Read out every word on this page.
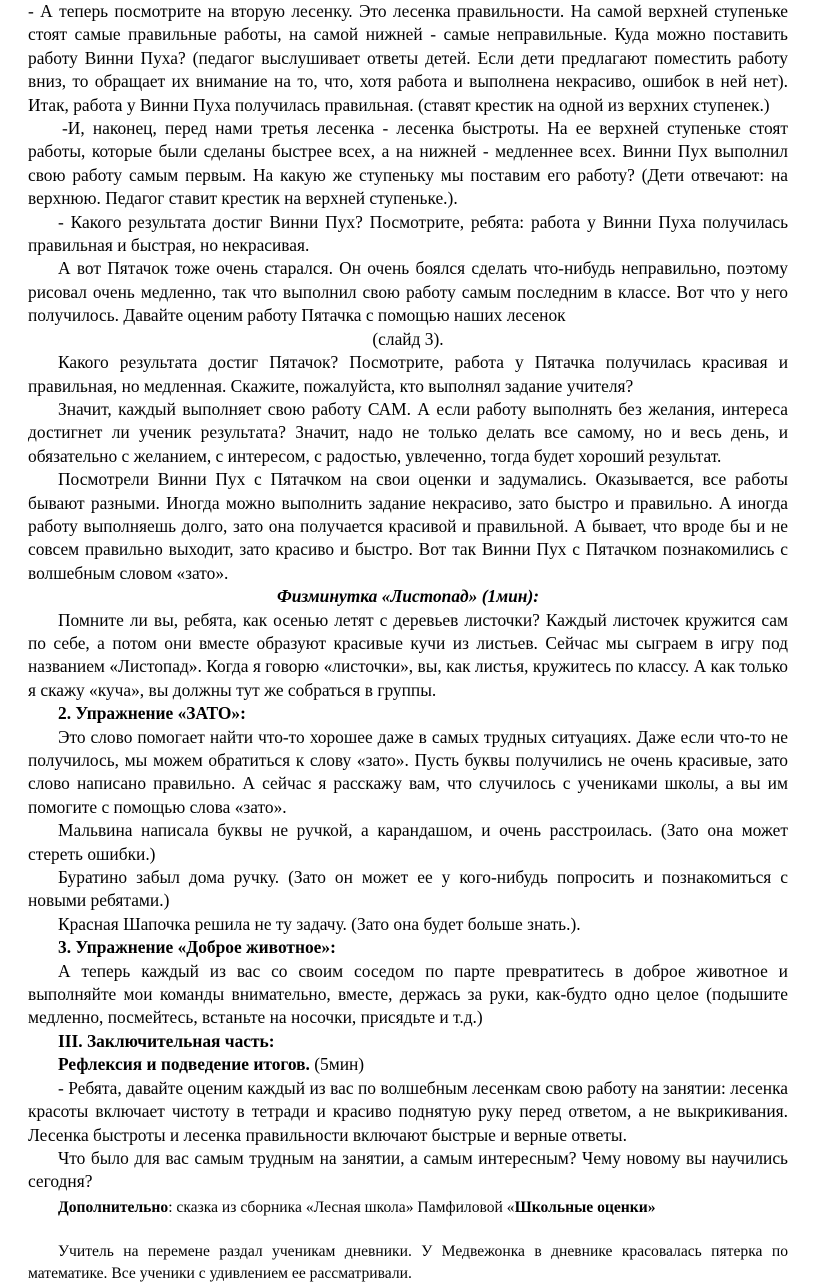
- А теперь посмотрите на вторую лесенку. Это лесенка правильности. На самой верхней ступеньке стоят самые правильные работы, на самой нижней - самые неправильные. Куда можно поставить работу Винни Пуха? (педагог выслушивает ответы детей. Если дети предлагают поместить работу вниз, то обращает их внимание на то, что, хотя работа и выполнена некрасиво, ошибок в ней нет). Итак, работа у Винни Пуха получилась правильная. (ставят крестик на одной из верхних ступенек.)

-И, наконец, перед нами третья лесенка - лесенка быстроты. На ее верхней ступеньке стоят работы, которые были сделаны быстрее всех, а на нижней - медленнее всех. Винни Пух выполнил свою работу самым первым. На какую же ступеньку мы поставим его работу? (Дети отвечают: на верхнюю. Педагог ставит крестик на верхней ступеньке.).

- Какого результата достиг Винни Пух? Посмотрите, ребята: работа у Винни Пуха получилась правильная и быстрая, но некрасивая.

А вот Пятачок тоже очень старался. Он очень боялся сделать что-нибудь неправильно, поэтому рисовал очень медленно, так что выполнил свою работу самым последним в классе. Вот что у него получилось. Давайте оценим работу Пятачка с помощью наших лесенок

(слайд 3).

Какого результата достиг Пятачок? Посмотрите, работа у Пятачка получилась красивая и правильная, но медленная. Скажите, пожалуйста, кто выполнял задание учителя?

Значит, каждый выполняет свою работу САМ. А если работу выполнять без желания, интереса достигнет ли ученик результата? Значит, надо не только делать все самому, но и весь день, и обязательно с желанием, с интересом, с радостью, увлеченно, тогда будет хороший результат.

Посмотрели Винни Пух с Пятачком на свои оценки и задумались. Оказывается, все работы бывают разными. Иногда можно выполнить задание некрасиво, зато быстро и правильно. А иногда работу выполняешь долго, зато она получается красивой и правильной. А бывает, что вроде бы и не совсем правильно выходит, зато красиво и быстро. Вот так Винни Пух с Пятачком познакомились с волшебным словом «зато».

Физминутка «Листопад» (1мин):

Помните ли вы, ребята, как осенью летят с деревьев листочки? Каждый листочек кружится сам по себе, а потом они вместе образуют красивые кучи из листьев. Сейчас мы сыграем в игру под названием «Листопад». Когда я говорю «листочки», вы, как листья, кружитесь по классу. А как только я скажу «куча», вы должны тут же собраться в группы.

2. Упражнение «ЗАТО»:

Это слово помогает найти что-то хорошее даже в самых трудных ситуациях. Даже если что-то не получилось, мы можем обратиться к слову «зато». Пусть буквы получились не очень красивые, зато слово написано правильно. А сейчас я расскажу вам, что случилось с учениками школы, а вы им помогите с помощью слова «зато».

Мальвина написала буквы не ручкой, а карандашом, и очень расстроилась. (Зато она может стереть ошибки.)

Буратино забыл дома ручку. (Зато он может ее у кого-нибудь попросить и познакомиться с новыми ребятами.)

Красная Шапочка решила не ту задачу. (Зато она будет больше знать.).

3. Упражнение «Доброе животное»:

А теперь каждый из вас со своим соседом по парте превратитесь в доброе животное и выполняйте мои команды внимательно, вместе, держась за руки, как-будто одно целое (подышите медленно, посмейтесь, встаньте на носочки, присядьте и т.д.)

III. Заключительная часть:

Рефлексия и подведение итогов. (5мин)

- Ребята, давайте оценим каждый из вас по волшебным лесенкам свою работу на занятии: лесенка красоты включает чистоту в тетради и красиво поднятую руку перед ответом, а не выкрикивания. Лесенка быстроты и лесенка правильности включают быстрые и верные ответы.

Что было для вас самым трудным на занятии, а самым интересным? Чему новому вы научились сегодня?

Дополнительно: сказка из сборника «Лесная школа» Памфиловой «Школьные оценки»

Учитель на перемене раздал ученикам дневники. У Медвежонка в дневнике красовалась пятерка по математике. Все ученики с удивлением ее рассматривали.
